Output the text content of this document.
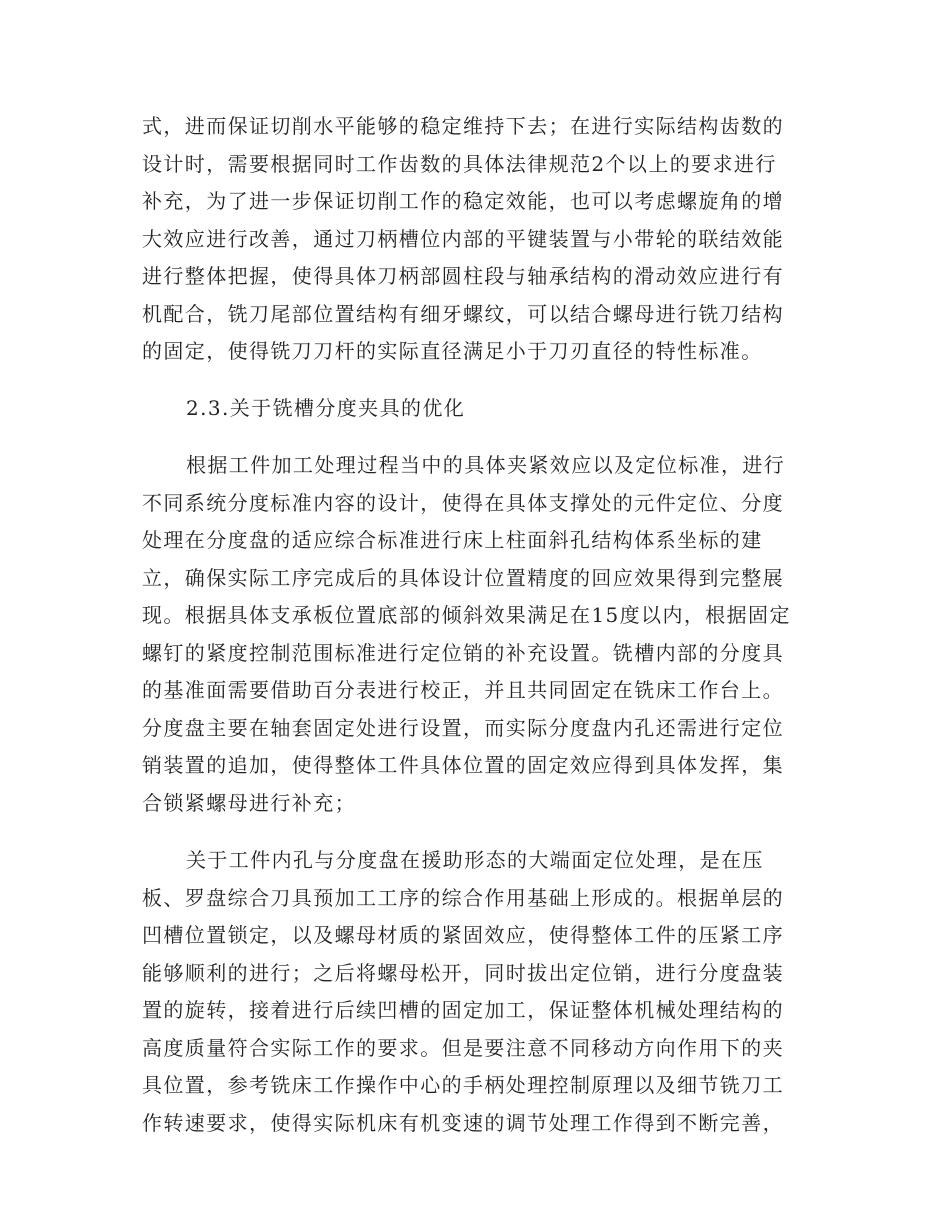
式，进而保证切削水平能够的稳定维持下去；在进行实际结构齿数的
设计时，需要根据同时工作齿数的具体法律规范2个以上的要求进行
补充，为了进一步保证切削工作的稳定效能，也可以考虑螺旋角的增
大效应进行改善，通过刀柄槽位内部的平键装置与小带轮的联结效能
进行整体把握，使得具体刀柄部圆柱段与轴承结构的滑动效应进行有
机配合，铣刀尾部位置结构有细牙螺纹，可以结合螺母进行铣刀结构
的固定，使得铣刀刀杆的实际直径满足小于刀刃直径的特性标准。

2.3.关于铣槽分度夹具的优化

根据工件加工处理过程当中的具体夹紧效应以及定位标准，进行
不同系统分度标准内容的设计，使得在具体支撑处的元件定位、分度
处理在分度盘的适应综合标准进行床上柱面斜孔结构体系坐标的建
立，确保实际工序完成后的具体设计位置精度的回应效果得到完整展
现。根据具体支承板位置底部的倾斜效果满足在15度以内，根据固定
螺钉的紧度控制范围标准进行定位销的补充设置。铣槽内部的分度具
的基准面需要借助百分表进行校正，并且共同固定在铣床工作台上。
分度盘主要在轴套固定处进行设置，而实际分度盘内孔还需进行定位
销装置的追加，使得整体工件具体位置的固定效应得到具体发挥，集
合锁紧螺母进行补充；

关于工件内孔与分度盘在援助形态的大端面定位处理，是在压
板、罗盘综合刀具预加工工序的综合作用基础上形成的。根据单层的
凹槽位置锁定，以及螺母材质的紧固效应，使得整体工件的压紧工序
能够顺利的进行；之后将螺母松开，同时拔出定位销，进行分度盘装
置的旋转，接着进行后续凹槽的固定加工，保证整体机械处理结构的
高度质量符合实际工作的要求。但是要注意不同移动方向作用下的夹
具位置，参考铣床工作操作中心的手柄处理控制原理以及细节铣刀工
作转速要求，使得实际机床有机变速的调节处理工作得到不断完善，
